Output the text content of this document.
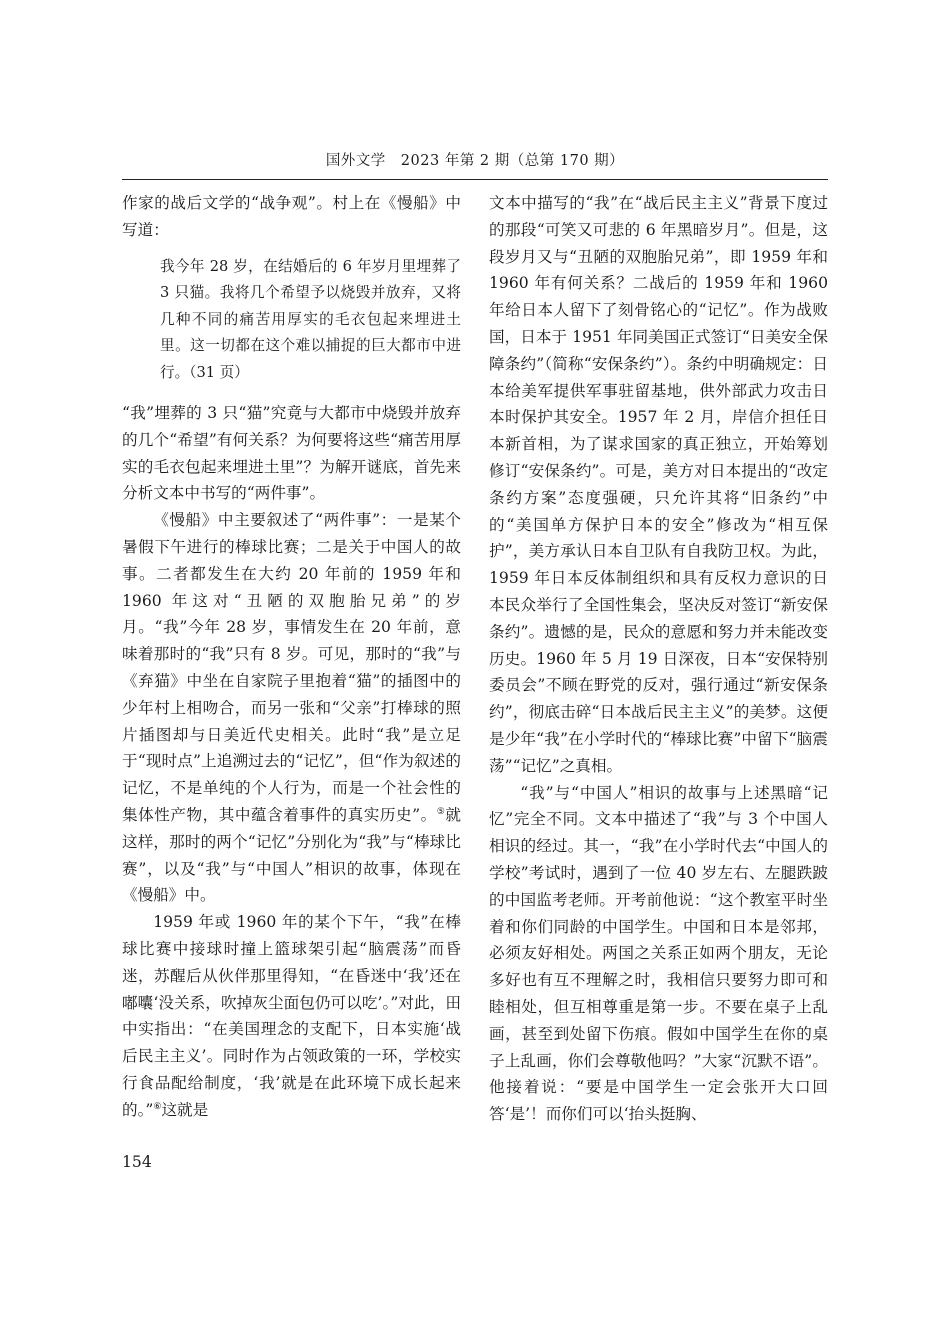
国外文学　2023 年第 2 期（总第 170 期）

作家的战后文学的“战争观”。村上在《慢船》中写道：

我今年 28 岁，在结婚后的 6 年岁月里埋葬了 3 只猫。我将几个希望予以烧毁并放弃，又将几种不同的痛苦用厚实的毛衣包起来埋进土里。这一切都在这个难以捕捉的巨大都市中进行。（31 页）

“我”埋葬的 3 只“猫”究竟与大都市中烧毁并放弃的几个“希望”有何关系？为何要将这些“痛苦用厚实的毛衣包起来埋进土里”？为解开谜底，首先来分析文本中书写的“两件事”。

《慢船》中主要叙述了“两件事”：一是某个暑假下午进行的棒球比赛；二是关于中国人的故事。二者都发生在大约 20 年前的 1959 年和 1960 年这对“丑陋的双胞胎兄弟”的岁月。“我”今年 28 岁，事情发生在 20 年前，意味着那时的“我”只有 8 岁。可见，那时的“我”与《弃猫》中坐在自家院子里抱着“猫”的插图中的少年村上相吻合，而另一张和“父亲”打棒球的照片插图却与日美近代史相关。此时“我”是立足于“现时点”上追溯过去的“记忆”，但“作为叙述的记忆，不是单纯的个人行为，而是一个社会性的集体性产物，其中蕴含着事件的真实历史”。⑤就这样，那时的两个“记忆”分别化为“我”与“棒球比赛”，以及“我”与“中国人”相识的故事，体现在《慢船》中。

1959 年或 1960 年的某个下午，“我”在棒球比赛中接球时撞上篮球架引起“脑震荡”而昏迷，苏醒后从伙伴那里得知，“在昏迷中‘我’还在嘟囔‘没关系，吹掉灰尘面包仍可以吃’。”对此，田中实指出：“在美国理念的支配下，日本实施‘战后民主主义’。同时作为占领政策的一环，学校实行食品配给制度，‘我’就是在此环境下成长起来的。”⑥这就是

文本中描写的“我”在“战后民主主义”背景下度过的那段“可笑又可悲的 6 年黑暗岁月”。但是，这段岁月又与“丑陋的双胞胎兄弟”，即 1959 年和 1960 年有何关系？二战后的 1959 年和 1960 年给日本人留下了刻骨铭心的“记忆”。作为战败国，日本于 1951 年同美国正式签订“日美安全保障条约”（简称“安保条约”）。条约中明确规定：日本给美军提供军事驻留基地，供外部武力攻击日本时保护其安全。1957 年 2 月，岸信介担任日本新首相，为了谋求国家的真正独立，开始筹划修订“安保条约”。可是，美方对日本提出的“改定条约方案”态度强硬，只允许其将“旧条约”中的“美国单方保护日本的安全”修改为“相互保护”，美方承认日本自卫队有自我防卫权。为此，1959 年日本反体制组织和具有反权力意识的日本民众举行了全国性集会，坚决反对签订“新安保条约”。遗憾的是，民众的意愿和努力并未能改变历史。1960 年 5 月 19 日深夜，日本“安保特别委员会”不顾在野党的反对，强行通过“新安保条约”，彻底击碎“日本战后民主主义”的美梦。这便是少年“我”在小学时代的“棒球比赛”中留下“脑震荡”“记忆”之真相。

“我”与“中国人”相识的故事与上述黑暗“记忆”完全不同。文本中描述了“我”与 3 个中国人相识的经过。其一，“我”在小学时代去“中国人的学校”考试时，遇到了一位 40 岁左右、左腿跌跛的中国监考老师。开考前他说：“这个教室平时坐着和你们同龄的中国学生。中国和日本是邻邦，必须友好相处。两国之关系正如两个朋友，无论多好也有互不理解之时，我相信只要努力即可和睦相处，但互相尊重是第一步。不要在桌子上乱画，甚至到处留下伤痕。假如中国学生在你的桌子上乱画，你们会尊敬他吗？”大家“沉默不语”。他接着说：“要是中国学生一定会张开大口回答‘是’！而你们可以‘抬头挺胸、

154
